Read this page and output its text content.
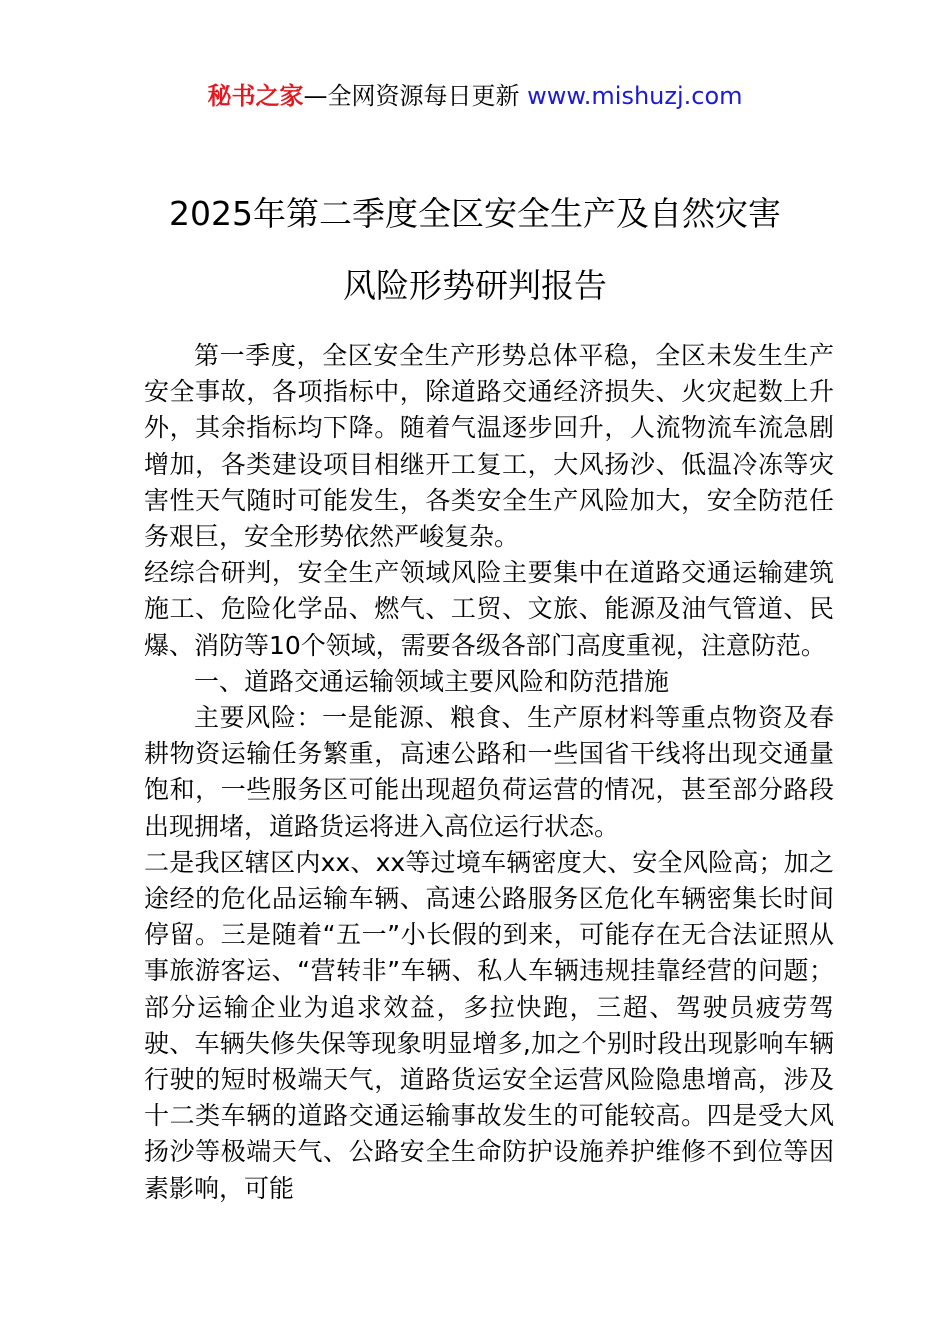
秘书之家—全网资源每日更新 www.mishuzj.com
2025年第二季度全区安全生产及自然灾害
风险形势研判报告

第一季度，全区安全生产形势总体平稳，全区未发生生产安全事故，各项指标中，除道路交通经济损失、火灾起数上升外，其余指标均下降。随着气温逐步回升，人流物流车流急剧增加，各类建设项目相继开工复工，大风扬沙、低温冷冻等灾害性天气随时可能发生，各类安全生产风险加大，安全防范任务艰巨，安全形势依然严峻复杂。

经综合研判，安全生产领域风险主要集中在道路交通运输建筑施工、危险化学品、燃气、工贸、文旅、能源及油气管道、民爆、消防等10个领域，需要各级各部门高度重视，注意防范。

一、道路交通运输领域主要风险和防范措施

主要风险：一是能源、粮食、生产原材料等重点物资及春耕物资运输任务繁重，高速公路和一些国省干线将出现交通量饱和，一些服务区可能出现超负荷运营的情况，甚至部分路段出现拥堵，道路货运将进入高位运行状态。

二是我区辖区内xx、xx等过境车辆密度大、安全风险高；加之途经的危化品运输车辆、高速公路服务区危化车辆密集长时间停留。三是随着“五一”小长假的到来，可能存在无合法证照从事旅游客运、“营转非”车辆、私人车辆违规挂靠经营的问题；部分运输企业为追求效益，多拉快跑，三超、驾驶员疲劳驾驶、车辆失修失保等现象明显增多,加之个别时段出现影响车辆行驶的短时极端天气，道路货运安全运营风险隐患增高，涉及十二类车辆的道路交通运输事故发生的可能较高。四是受大风扬沙等极端天气、公路安全生命防护设施养护维修不到位等因素影响，可能
